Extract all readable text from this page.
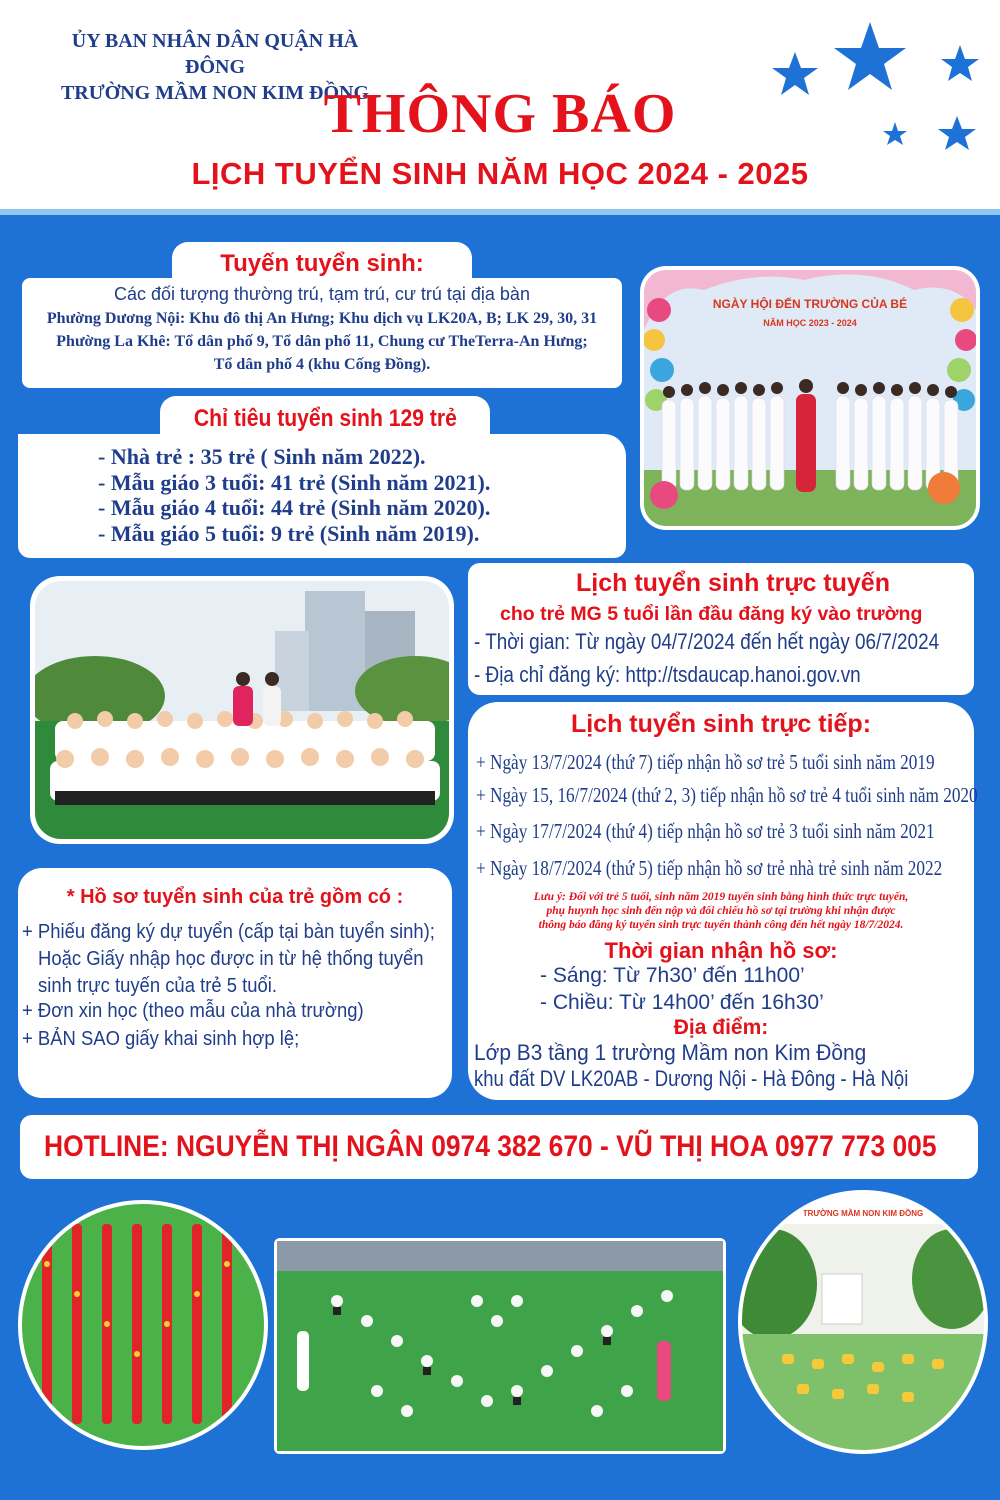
ỦY BAN NHÂN DÂN QUẬN HÀ ĐÔNG
TRƯỜNG MẦM NON KIM ĐỒNG
THÔNG BÁO
LỊCH TUYỂN SINH NĂM HỌC 2024 - 2025
Tuyến tuyển sinh:
Các đối tượng thường trú, tạm trú, cư trú tại địa bàn
Phường Dương Nội: Khu đô thị An Hưng; Khu dịch vụ LK20A, B; LK 29, 30, 31
Phường La Khê: Tổ dân phố 9, Tổ dân phố 11, Chung cư TheTerra-An Hưng;
Tổ dân phố 4 (khu Cống Đồng).
Chỉ tiêu tuyển sinh 129 trẻ
- Nhà trẻ : 35 trẻ ( Sinh năm 2022).
- Mẫu giáo 3 tuổi: 41 trẻ (Sinh năm 2021).
- Mẫu giáo 4 tuổi: 44 trẻ (Sinh năm 2020).
- Mẫu giáo 5 tuổi: 9 trẻ (Sinh năm 2019).
NGÀY HỘI ĐẾN TRƯỜNG CỦA BÉ
NĂM HỌC 2023 - 2024
Lịch tuyển sinh trực tuyến
cho trẻ MG 5 tuổi lần đầu đăng ký vào trường
- Thời gian: Từ ngày 04/7/2024 đến hết ngày 06/7/2024
- Địa chỉ đăng ký: http://tsdaucap.hanoi.gov.vn
Lịch tuyển sinh trực tiếp:
+ Ngày 13/7/2024 (thứ 7) tiếp nhận hồ sơ trẻ 5 tuổi sinh năm 2019
+ Ngày 15, 16/7/2024 (thứ 2, 3) tiếp nhận hồ sơ trẻ 4 tuổi sinh năm 2020
+ Ngày 17/7/2024 (thứ 4) tiếp nhận hồ sơ trẻ 3 tuổi sinh năm 2021
+ Ngày 18/7/2024 (thứ 5) tiếp nhận hồ sơ trẻ nhà trẻ sinh năm 2022
Lưu ý: Đối với trẻ 5 tuổi, sinh năm 2019 tuyển sinh bằng hình thức trực tuyến,
phụ huynh học sinh đến nộp và đối chiếu hồ sơ tại trường khi nhận được
thông báo đăng ký tuyển sinh trực tuyến thành công đến hết ngày 18/7/2024.
Thời gian nhận hồ sơ:
- Sáng: Từ 7h30’ đến 11h00’
- Chiều: Từ 14h00’ đến 16h30’
Địa điểm:
Lớp B3 tầng 1 trường Mầm non Kim Đồng
khu đất DV LK20AB - Dương Nội - Hà Đông - Hà Nội
* Hồ sơ tuyển sinh của trẻ gồm có :
+ Phiếu đăng ký dự tuyển (cấp tại bàn tuyển sinh);
Hoặc Giấy nhập học được in từ hệ thống tuyển
sinh trực tuyến của trẻ 5 tuổi.
+ Đơn xin học (theo mẫu của nhà trường)
+ BẢN SAO giấy khai sinh hợp lệ;
HOTLINE: NGUYỄN THỊ NGÂN 0974 382 670 - VŨ THỊ HOA 0977 773 005
TRƯỜNG MẦM NON KIM ĐỒNG
